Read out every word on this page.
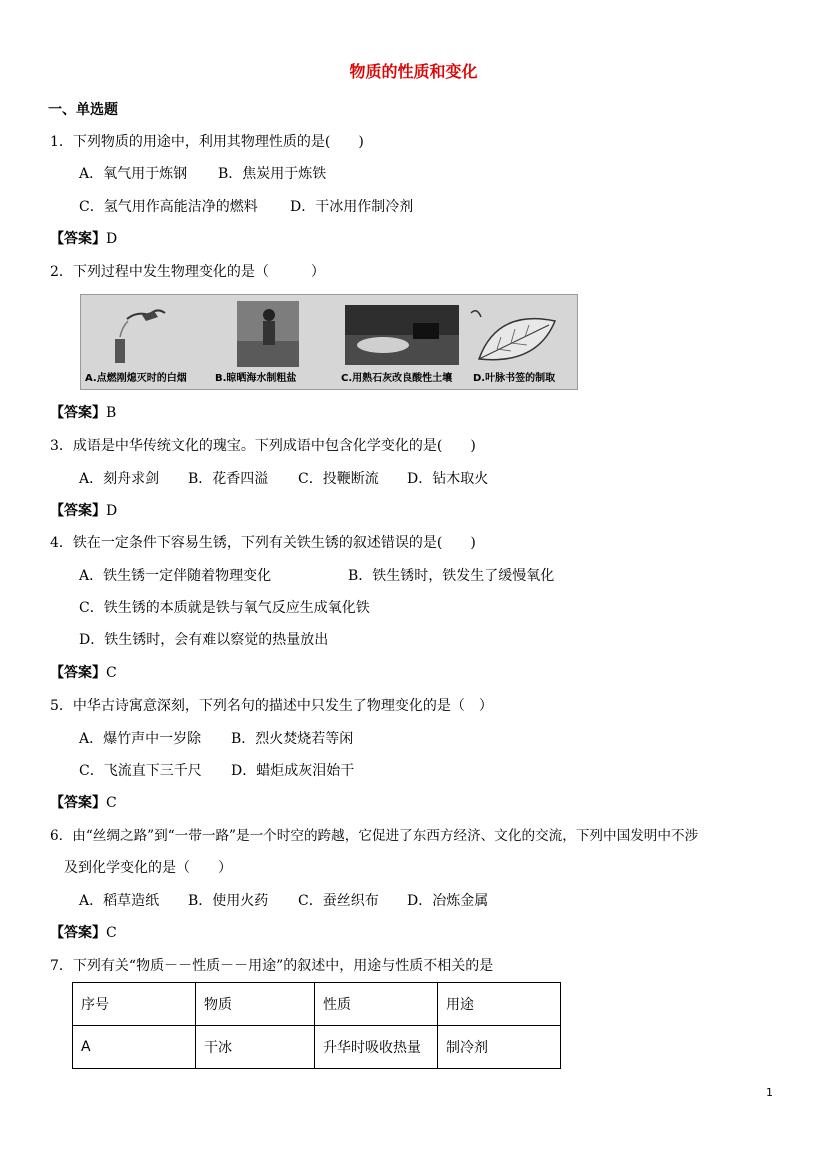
物质的性质和变化
一、单选题
1．下列物质的用途中，利用其物理性质的是(　　)
A．氧气用于炼钢 B．焦炭用于炼铁
C．氢气用作高能洁净的燃料 D．干冰用作制冷剂
【答案】D
2．下列过程中发生物理变化的是（　　　）
A.点燃刚熄灭时的白烟	B.晾晒海水制粗盐	C.用熟石灰改良酸性土壤 D.叶脉书签的制取
【答案】B
3．成语是中华传统文化的瑰宝。下列成语中包含化学变化的是(　　)
A．刻舟求剑 B．花香四溢 C．投鞭断流 D．钻木取火
【答案】D
4．铁在一定条件下容易生锈，下列有关铁生锈的叙述错误的是(　　)
A．铁生锈一定伴随着物理变化	B．铁生锈时，铁发生了缓慢氧化
C．铁生锈的本质就是铁与氧气反应生成氧化铁
D．铁生锈时，会有难以察觉的热量放出
【答案】C
5．中华古诗寓意深刻，下列名句的描述中只发生了物理变化的是（　）
A．爆竹声中一岁除 B．烈火焚烧若等闲
C．飞流直下三千尺 D．蜡炬成灰泪始干
【答案】C
6．由“丝绸之路”到“一带一路”是一个时空的跨越，它促进了东西方经济、文化的交流，下列中国发明中不涉
及到化学变化的是（　　）
A．稻草造纸 B．使用火药 C．蚕丝织布 D．冶炼金属
【答案】C
7．下列有关“物质－－性质－－用途”的叙述中，用途与性质不相关的是
序号	物质	性质	用途
A	干冰	升华时吸收热量	制冷剂
1
